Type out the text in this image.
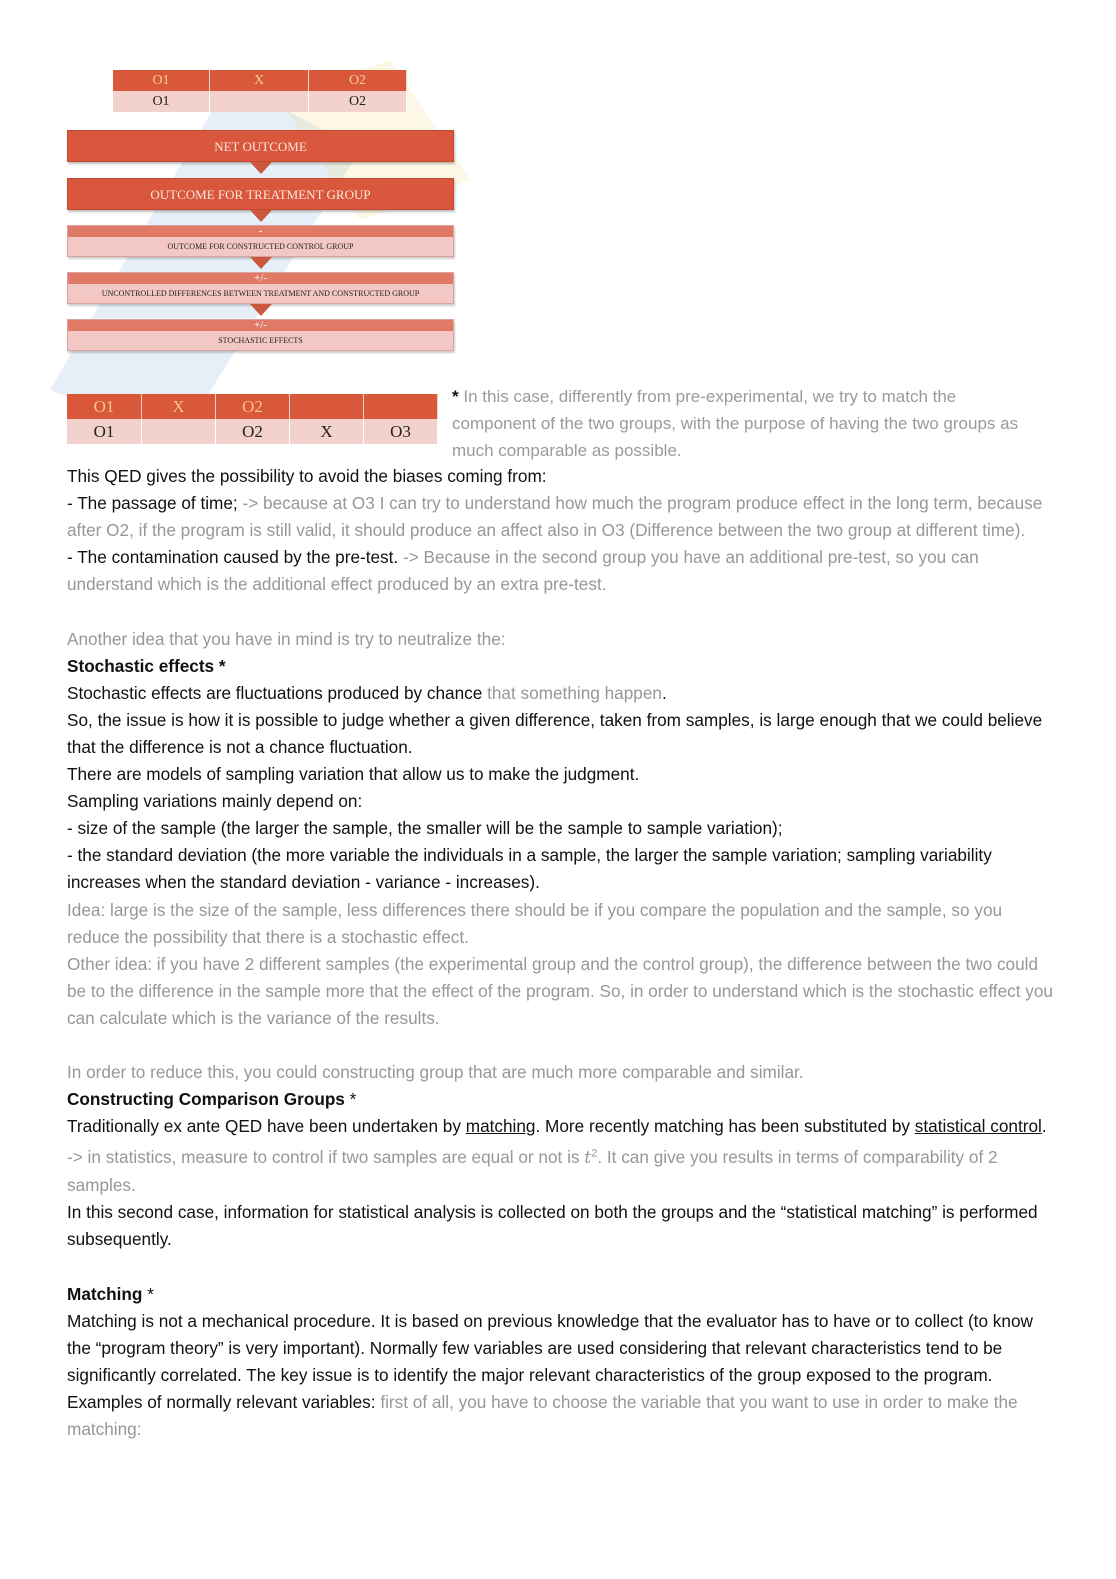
O1	X	O2
O1		O2
NET OUTCOME
OUTCOME FOR TREATMENT GROUP
-
OUTCOME FOR CONSTRUCTED CONTROL GROUP
+/-
UNCONTROLLED DIFFERENCES BETWEEN TREATMENT AND CONSTRUCTED GROUP
+/-
STOCHASTIC EFFECTS
O1	X	O2		
O1		O2	X	O3
* In this case, differently from pre-experimental, we try to match the component of the two groups, with the purpose of having the two groups as much comparable as possible.

This QED gives the possibility to avoid the biases coming from:

- The passage of time; -> because at O3 I can try to understand how much the program produce effect in the long term, because after O2, if the program is still valid, it should produce an affect also in O3 (Difference between the two group at different time).

- The contamination caused by the pre-test. -> Because in the second group you have an additional pre-test, so you can understand which is the additional effect produced by an extra pre-test.

Another idea that you have in mind is try to neutralize the:

Stochastic effects *

Stochastic effects are fluctuations produced by chance that something happen.

So, the issue is how it is possible to judge whether a given difference, taken from samples, is large enough that we could believe that the difference is not a chance fluctuation.

There are models of sampling variation that allow us to make the judgment.

Sampling variations mainly depend on:

- size of the sample (the larger the sample, the smaller will be the sample to sample variation);

- the standard deviation (the more variable the individuals in a sample, the larger the sample variation; sampling variability increases when the standard deviation - variance - increases).

Idea: large is the size of the sample, less differences there should be if you compare the population and the sample, so you reduce the possibility that there is a stochastic effect.

Other idea: if you have 2 different samples (the experimental group and the control group), the difference between the two could be to the difference in the sample more that the effect of the program. So, in order to understand which is the stochastic effect you can calculate which is the variance of the results.

In order to reduce this, you could constructing group that are much more comparable and similar.

Constructing Comparison Groups *

Traditionally ex ante QED have been undertaken by matching. More recently matching has been substituted by statistical control. -> in statistics, measure to control if two samples are equal or not is $t^2$. It can give you results in terms of comparability of 2 samples.

In this second case, information for statistical analysis is collected on both the groups and the “statistical matching” is performed subsequently.

Matching *

Matching is not a mechanical procedure. It is based on previous knowledge that the evaluator has to have or to collect (to know the “program theory” is very important). Normally few variables are used considering that relevant characteristics tend to be significantly correlated. The key issue is to identify the major relevant characteristics of the group exposed to the program.

Examples of normally relevant variables: first of all, you have to choose the variable that you want to use in order to make the matching:
